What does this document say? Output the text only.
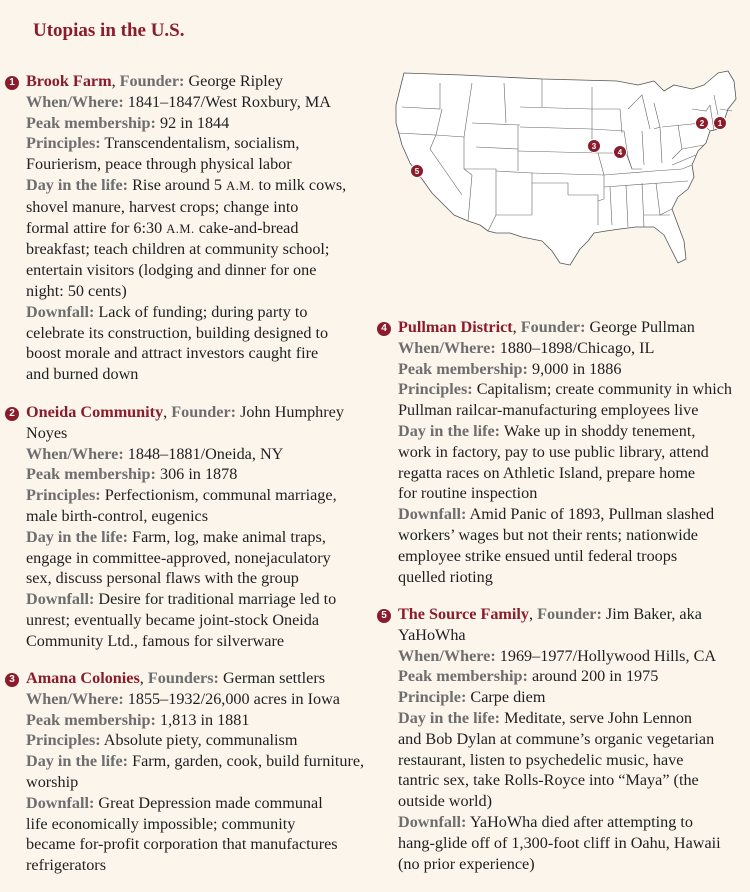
Utopias in the U.S.
1 Brook Farm, Founder: George Ripley
When/Where: 1841–1847/West Roxbury, MA
Peak membership: 92 in 1844
Principles: Transcendentalism, socialism,
Fourierism, peace through physical labor
Day in the life: Rise around 5 A.M. to milk cows,
shovel manure, harvest crops; change into
formal attire for 6:30 A.M. cake-and-bread
breakfast; teach children at community school;
entertain visitors (lodging and dinner for one
night: 50 cents)
Downfall: Lack of funding; during party to
celebrate its construction, building designed to
boost morale and attract investors caught fire
and burned down
2 Oneida Community, Founder: John Humphrey
Noyes
When/Where: 1848–1881/Oneida, NY
Peak membership: 306 in 1878
Principles: Perfectionism, communal marriage,
male birth-control, eugenics
Day in the life: Farm, log, make animal traps,
engage in committee-approved, nonejaculatory
sex, discuss personal flaws with the group
Downfall: Desire for traditional marriage led to
unrest; eventually became joint-stock Oneida
Community Ltd., famous for silverware
3 Amana Colonies, Founders: German settlers
When/Where: 1855–1932/26,000 acres in Iowa
Peak membership: 1,813 in 1881
Principles: Absolute piety, communalism
Day in the life: Farm, garden, cook, build furniture,
worship
Downfall: Great Depression made communal
life economically impossible; community
became for-profit corporation that manufactures
refrigerators
4 Pullman District, Founder: George Pullman
When/Where: 1880–1898/Chicago, IL
Peak membership: 9,000 in 1886
Principles: Capitalism; create community in which
Pullman railcar-manufacturing employees live
Day in the life: Wake up in shoddy tenement,
work in factory, pay to use public library, attend
regatta races on Athletic Island, prepare home
for routine inspection
Downfall: Amid Panic of 1893, Pullman slashed
workers’ wages but not their rents; nationwide
employee strike ensued until federal troops
quelled rioting
5 The Source Family, Founder: Jim Baker, aka
YaHoWha
When/Where: 1969–1977/Hollywood Hills, CA
Peak membership: around 200 in 1975
Principle: Carpe diem
Day in the life: Meditate, serve John Lennon
and Bob Dylan at commune’s organic vegetarian
restaurant, listen to psychedelic music, have
tantric sex, take Rolls-Royce into “Maya” (the
outside world)
Downfall: YaHoWha died after attempting to
hang-glide off of 1,300-foot cliff in Oahu, Hawaii
(no prior experience)
1
2
3
4
5
